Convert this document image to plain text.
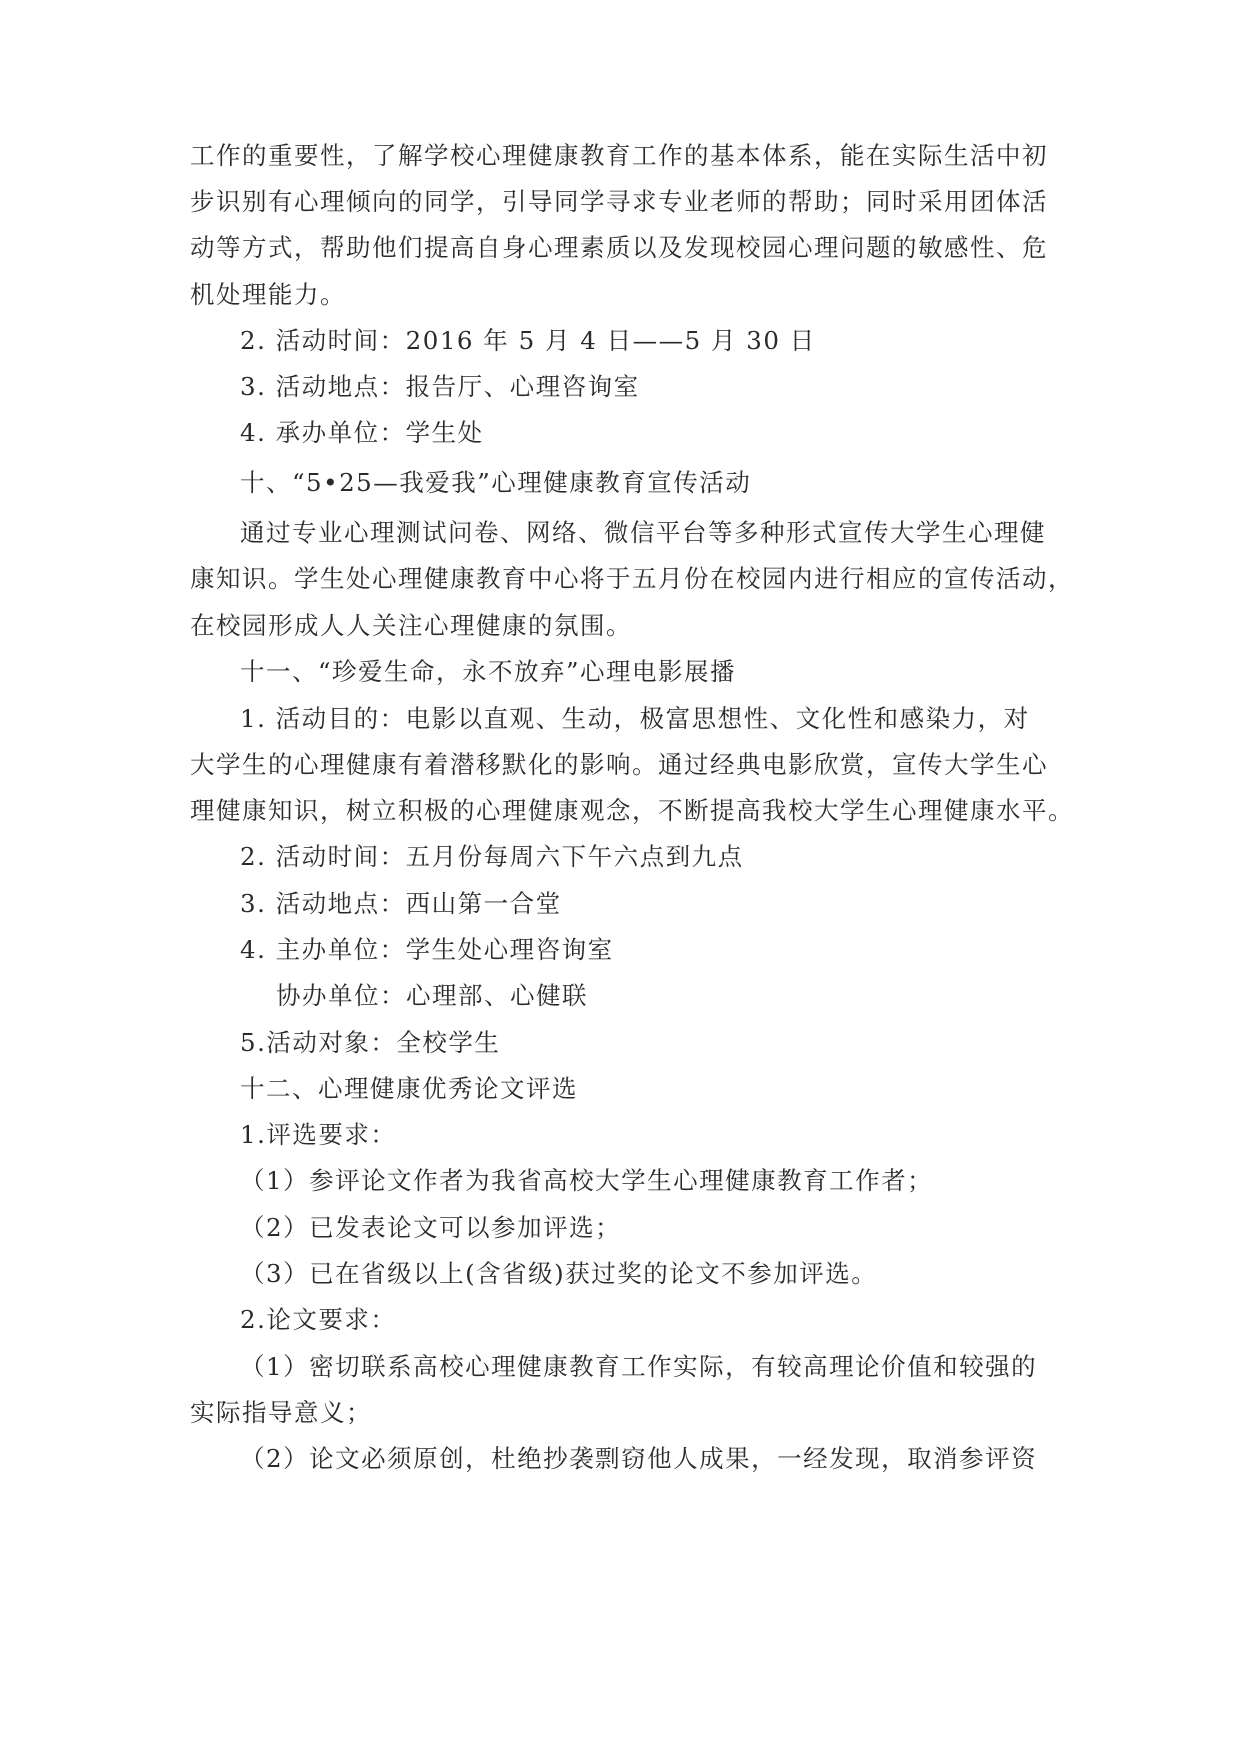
工作的重要性，了解学校心理健康教育工作的基本体系，能在实际生活中初
步识别有心理倾向的同学，引导同学寻求专业老师的帮助；同时采用团体活
动等方式，帮助他们提高自身心理素质以及发现校园心理问题的敏感性、危
机处理能力。
2. 活动时间：2016 年 5 月 4 日——5 月 30 日
3. 活动地点：报告厅、心理咨询室
4. 承办单位：学生处
十、“5•25—我爱我”心理健康教育宣传活动
通过专业心理测试问卷、网络、微信平台等多种形式宣传大学生心理健
康知识。学生处心理健康教育中心将于五月份在校园内进行相应的宣传活动，
在校园形成人人关注心理健康的氛围。
十一、“珍爱生命，永不放弃”心理电影展播
1. 活动目的：电影以直观、生动，极富思想性、文化性和感染力，对
大学生的心理健康有着潜移默化的影响。通过经典电影欣赏，宣传大学生心
理健康知识，树立积极的心理健康观念，不断提高我校大学生心理健康水平。
2. 活动时间：五月份每周六下午六点到九点
3. 活动地点：西山第一合堂
4. 主办单位：学生处心理咨询室
协办单位：心理部、心健联
5.活动对象：全校学生
十二、心理健康优秀论文评选
1.评选要求：
（1）参评论文作者为我省高校大学生心理健康教育工作者；
（2）已发表论文可以参加评选；
（3）已在省级以上(含省级)获过奖的论文不参加评选。
2.论文要求：
（1）密切联系高校心理健康教育工作实际，有较高理论价值和较强的
实际指导意义；
（2）论文必须原创，杜绝抄袭剽窃他人成果，一经发现，取消参评资
